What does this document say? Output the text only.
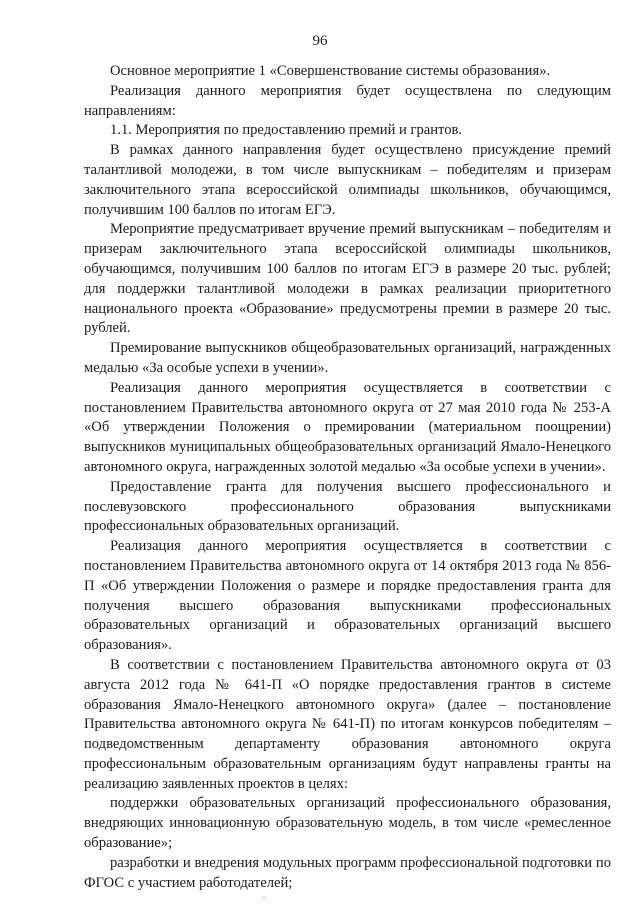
96

Основное мероприятие 1 «Совершенствование системы образования».

Реализация данного мероприятия будет осуществлена по следующим направлениям:

1.1. Мероприятия по предоставлению премий и грантов.

В рамках данного направления будет осуществлено присуждение премий талантливой молодежи, в том числе выпускникам – победителям и призерам заключительного этапа всероссийской олимпиады школьников, обучающимся, получившим 100 баллов по итогам ЕГЭ.

Мероприятие предусматривает вручение премий выпускникам – победителям и призерам заключительного этапа всероссийской олимпиады школьников, обучающимся, получившим 100 баллов по итогам ЕГЭ в размере 20 тыс. рублей; для поддержки талантливой молодежи в рамках реализации приоритетного национального проекта «Образование» предусмотрены премии в размере 20 тыс. рублей.

Премирование выпускников общеобразовательных организаций, награжденных медалью «За особые успехи в учении».

Реализация данного мероприятия осуществляется в соответствии с постановлением Правительства автономного округа от 27 мая 2010 года № 253-А «Об утверждении Положения о премировании (материальном поощрении) выпускников муниципальных общеобразовательных организаций Ямало-Ненецкого автономного округа, награжденных золотой медалью «За особые успехи в учении».

Предоставление гранта для получения высшего профессионального и послевузовского профессионального образования выпускниками профессиональных образовательных организаций.

Реализация данного мероприятия осуществляется в соответствии с постановлением Правительства автономного округа от 14 октября 2013 года № 856-П «Об утверждении Положения о размере и порядке предоставления гранта для получения высшего образования выпускниками профессиональных образовательных организаций и образовательных организаций высшего образования».

В соответствии с постановлением Правительства автономного округа от 03 августа 2012 года № 641-П «О порядке предоставления грантов в системе образования Ямало-Ненецкого автономного округа» (далее – постановление Правительства автономного округа № 641-П) по итогам конкурсов победителям – подведомственным департаменту образования автономного округа профессиональным образовательным организациям будут направлены гранты на реализацию заявленных проектов в целях:

поддержки образовательных организаций профессионального образования, внедряющих инновационную образовательную модель, в том числе «ремесленное образование»;

разработки и внедрения модульных программ профессиональной подготовки по ФГОС с участием работодателей;
